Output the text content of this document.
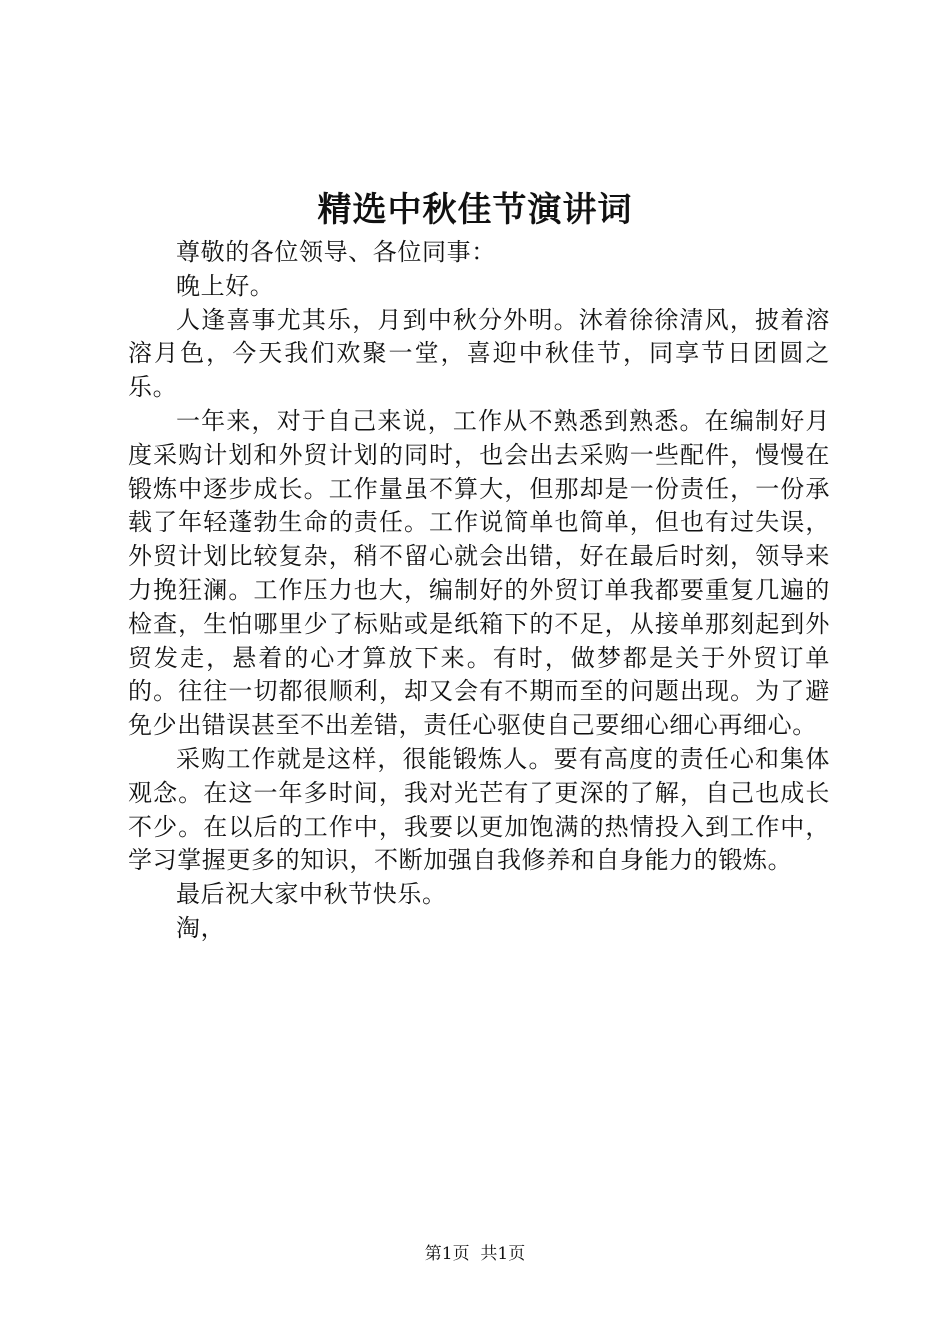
精选中秋佳节演讲词

尊敬的各位领导、各位同事：

晚上好。

人逢喜事尤其乐，月到中秋分外明。沐着徐徐清风，披着溶溶月色，今天我们欢聚一堂，喜迎中秋佳节，同享节日团圆之乐。

一年来，对于自己来说，工作从不熟悉到熟悉。在编制好月度采购计划和外贸计划的同时，也会出去采购一些配件，慢慢在锻炼中逐步成长。工作量虽不算大，但那却是一份责任，一份承载了年轻蓬勃生命的责任。工作说简单也简单，但也有过失误，外贸计划比较复杂，稍不留心就会出错，好在最后时刻，领导来力挽狂澜。工作压力也大，编制好的外贸订单我都要重复几遍的检查，生怕哪里少了标贴或是纸箱下的不足，从接单那刻起到外贸发走，悬着的心才算放下来。有时，做梦都是关于外贸订单的。往往一切都很顺利，却又会有不期而至的问题出现。为了避免少出错误甚至不出差错，责任心驱使自己要细心细心再细心。

采购工作就是这样，很能锻炼人。要有高度的责任心和集体观念。在这一年多时间，我对光芒有了更深的了解，自己也成长不少。在以后的工作中，我要以更加饱满的热情投入到工作中，学习掌握更多的知识，不断加强自我修养和自身能力的锻炼。

最后祝大家中秋节快乐。

淘，

第1页  共1页
